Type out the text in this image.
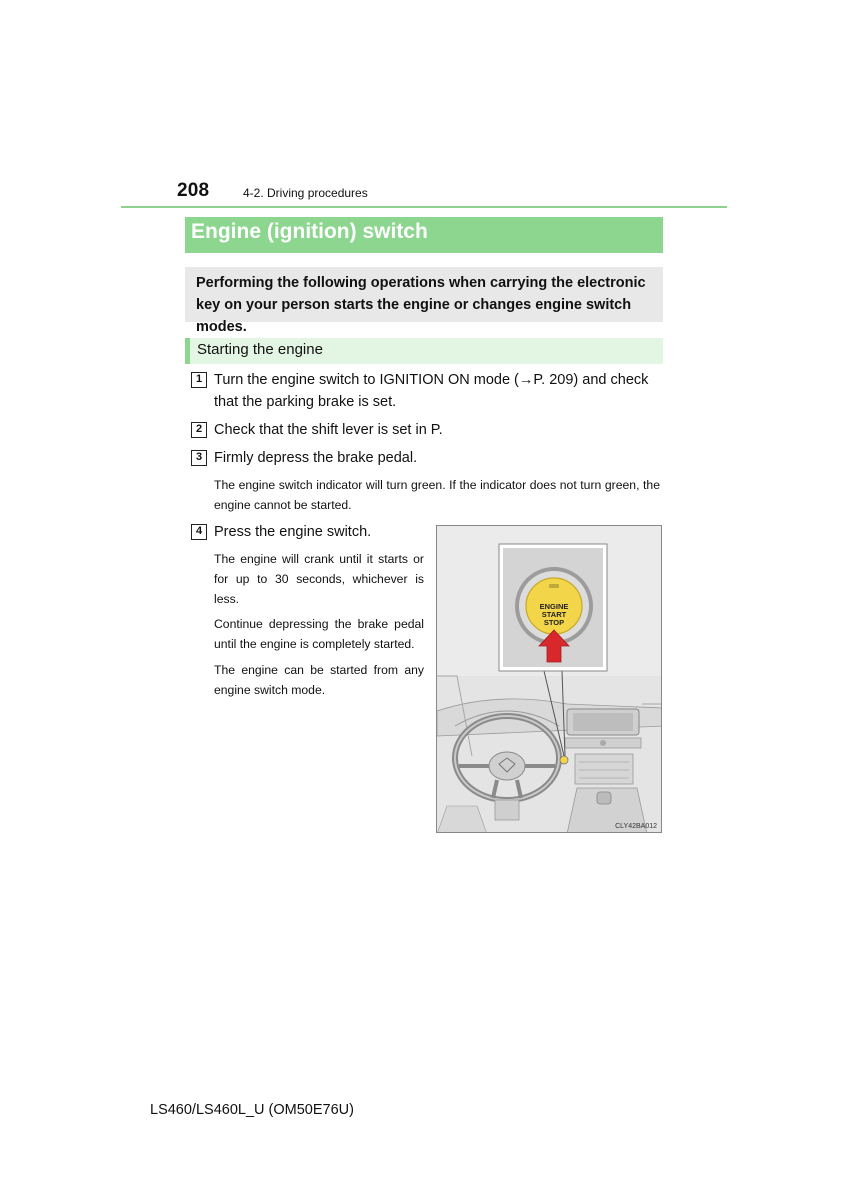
208	4-2. Driving procedures
Engine (ignition) switch

Performing the following operations when carrying the electronic key on your person starts the engine or changes engine switch modes.

Starting the engine
1 Turn the engine switch to IGNITION ON mode (→P. 209) and check that the parking brake is set.

2 Check that the shift lever is set in P.

3 Firmly depress the brake pedal.

The engine switch indicator will turn green. If the indicator does not turn green, the engine cannot be started.

4 Press the engine switch.

The engine will crank until it starts or for up to 30 seconds, whichever is less.

Continue depressing the brake pedal until the engine is completely started.

The engine can be started from any engine switch mode.

ENGINE
START
STOP
CLY42BA012
LS460/LS460L_U (OM50E76U)
